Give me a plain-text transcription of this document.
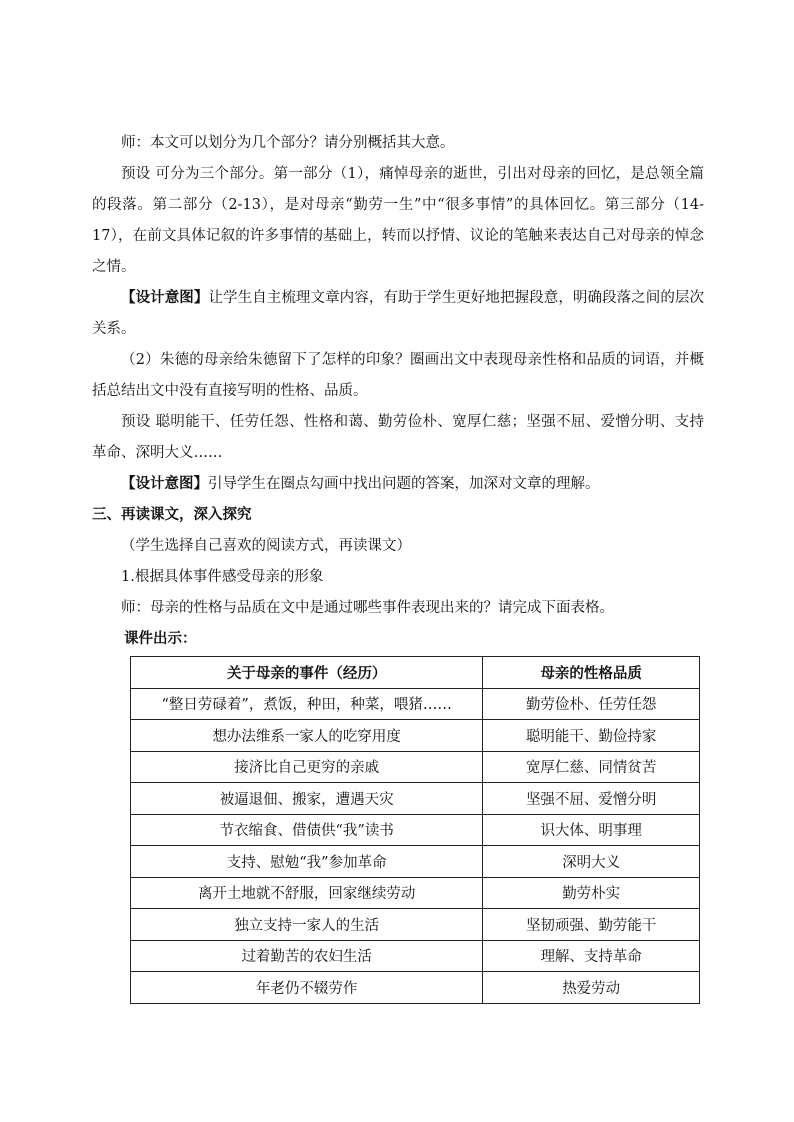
师：本文可以划分为几个部分？请分别概括其大意。

预设 可分为三个部分。第一部分（1），痛悼母亲的逝世，引出对母亲的回忆，是总领全篇的段落。第二部分（2-13），是对母亲“勤劳一生”中“很多事情”的具体回忆。第三部分（14-17），在前文具体记叙的许多事情的基础上，转而以抒情、议论的笔触来表达自己对母亲的悼念之情。

【设计意图】让学生自主梳理文章内容，有助于学生更好地把握段意，明确段落之间的层次关系。

（2）朱德的母亲给朱德留下了怎样的印象？圈画出文中表现母亲性格和品质的词语，并概括总结出文中没有直接写明的性格、品质。

预设 聪明能干、任劳任怨、性格和蔼、勤劳俭朴、宽厚仁慈；坚强不屈、爱憎分明、支持革命、深明大义……

【设计意图】引导学生在圈点勾画中找出问题的答案，加深对文章的理解。

三、再读课文，深入探究

（学生选择自己喜欢的阅读方式，再读课文）

1.根据具体事件感受母亲的形象

师：母亲的性格与品质在文中是通过哪些事件表现出来的？请完成下面表格。

课件出示：

关于母亲的事件（经历）	母亲的性格品质
“整日劳碌着”，煮饭，种田，种菜，喂猪……	勤劳俭朴、任劳任怨
想办法维系一家人的吃穿用度	聪明能干、勤俭持家
接济比自己更穷的亲戚	宽厚仁慈、同情贫苦
被逼退佃、搬家，遭遇天灾	坚强不屈、爱憎分明
节衣缩食、借债供“我”读书	识大体、明事理
支持、慰勉“我”参加革命	深明大义
离开土地就不舒服，回家继续劳动	勤劳朴实
独立支持一家人的生活	坚韧顽强、勤劳能干
过着勤苦的农妇生活	理解、支持革命
年老仍不辍劳作	热爱劳动
